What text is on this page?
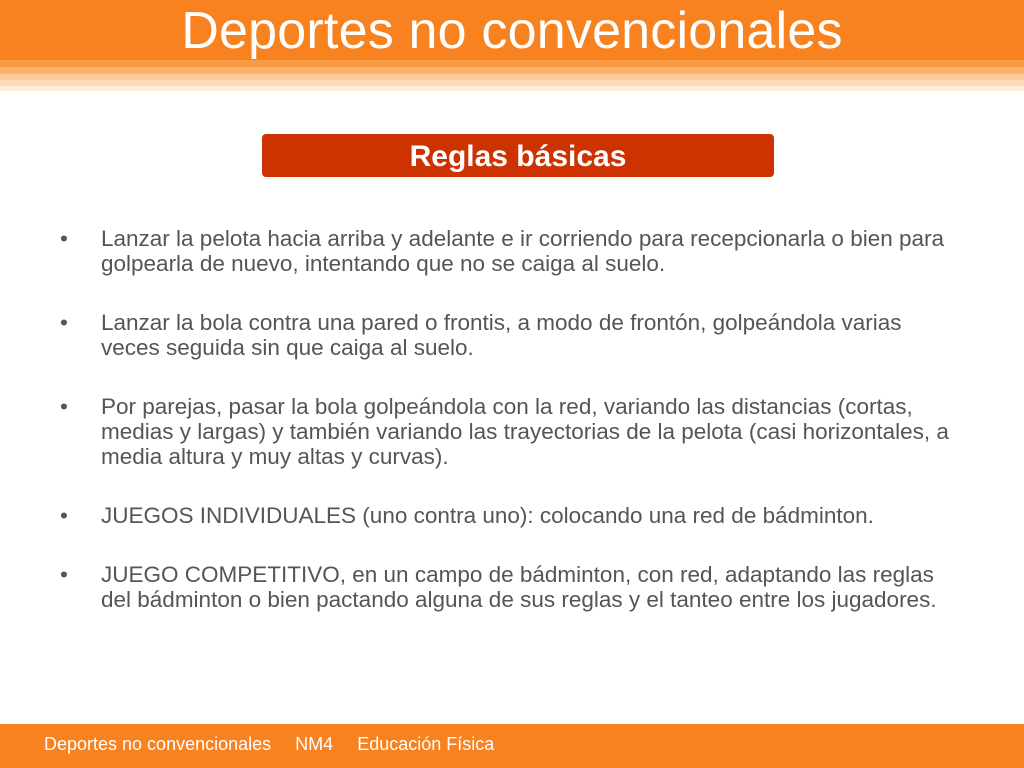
Deportes no convencionales
Reglas básicas
•	Lanzar la pelota hacia arriba y adelante e ir corriendo para recepcionarla o bien para golpearla de nuevo, intentando que no se caiga al suelo.
•	Lanzar la bola contra una pared o frontis, a modo de frontón, golpeándola varias veces seguida sin que caiga al suelo.
•	Por parejas, pasar la bola golpeándola con la red, variando las distancias (cortas, medias y largas) y también variando las trayectorias de la pelota (casi horizontales, a media altura y muy altas y curvas).
•	JUEGOS INDIVIDUALES (uno contra uno): colocando una red de bádminton.
•	JUEGO COMPETITIVO, en un campo de bádminton, con red, adaptando las reglas del bádminton o bien pactando alguna de sus reglas y el tanteo entre los jugadores.
Deportes no convencionales NM4 Educación Física
